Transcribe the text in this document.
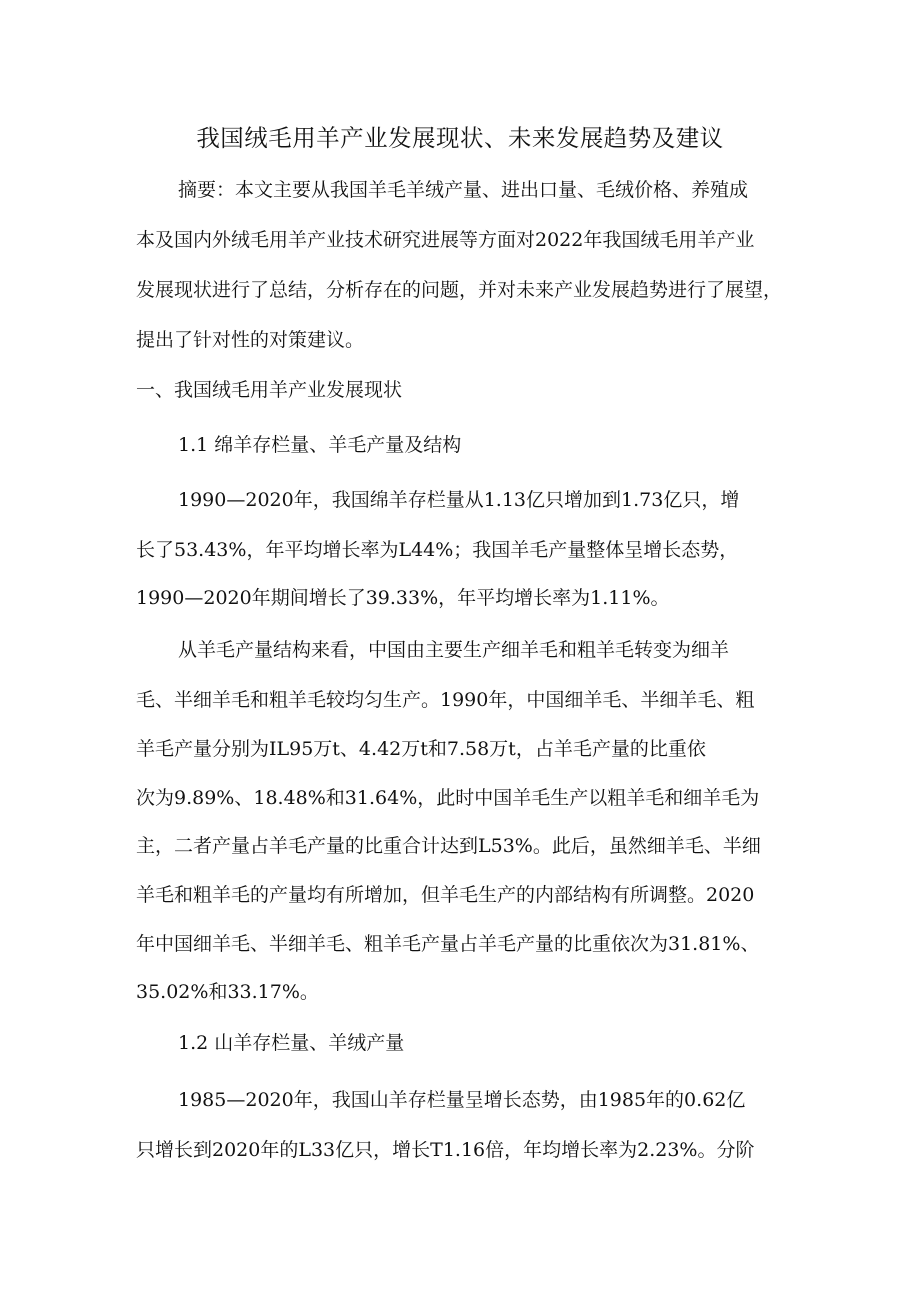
我国绒毛用羊产业发展现状、未来发展趋势及建议
摘要：本文主要从我国羊毛羊绒产量、进出口量、毛绒价格、养殖成
本及国内外绒毛用羊产业技术研究进展等方面对2022年我国绒毛用羊产业
发展现状进行了总结，分析存在的问题，并对未来产业发展趋势进行了展望，
提出了针对性的对策建议。
一、我国绒毛用羊产业发展现状
1.1 绵羊存栏量、羊毛产量及结构
1990—2020年，我国绵羊存栏量从1.13亿只增加到1.73亿只，增
长了53.43%，年平均增长率为L44%；我国羊毛产量整体呈增长态势，
1990—2020年期间增长了39.33%，年平均增长率为1.11%。
从羊毛产量结构来看，中国由主要生产细羊毛和粗羊毛转变为细羊
毛、半细羊毛和粗羊毛较均匀生产。1990年，中国细羊毛、半细羊毛、粗
羊毛产量分别为IL95万t、4.42万t和7.58万t，占羊毛产量的比重依
次为9.89%、18.48%和31.64%，此时中国羊毛生产以粗羊毛和细羊毛为
主，二者产量占羊毛产量的比重合计达到L53%。此后，虽然细羊毛、半细
羊毛和粗羊毛的产量均有所增加，但羊毛生产的内部结构有所调整。2020
年中国细羊毛、半细羊毛、粗羊毛产量占羊毛产量的比重依次为31.81%、
35.02%和33.17%。
1.2 山羊存栏量、羊绒产量
1985—2020年，我国山羊存栏量呈增长态势，由1985年的0.62亿
只增长到2020年的L33亿只，增长T1.16倍，年均增长率为2.23%。分阶
